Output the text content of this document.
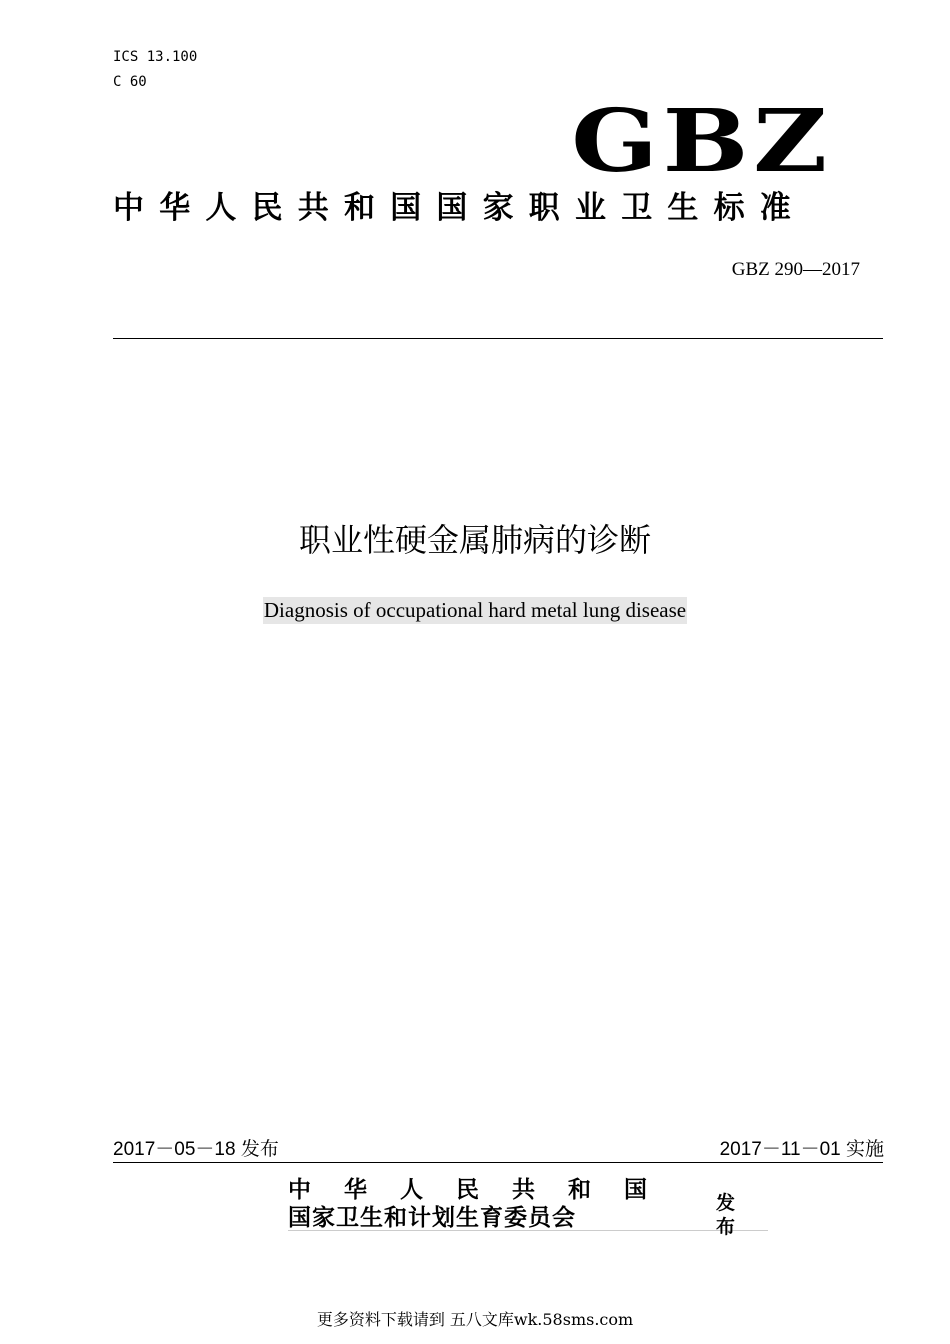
ICS 13.100
C 60
GBZ
中华人民共和国国家职业卫生标准
GBZ 290—2017
职业性硬金属肺病的诊断
Diagnosis of occupational hard metal lung disease
2017－05－18 发布	2017－11－01 实施
中华人民共和国
国家卫生和计划生育委员会
发布
更多资料下载请到 五八文库wk.58sms.com
